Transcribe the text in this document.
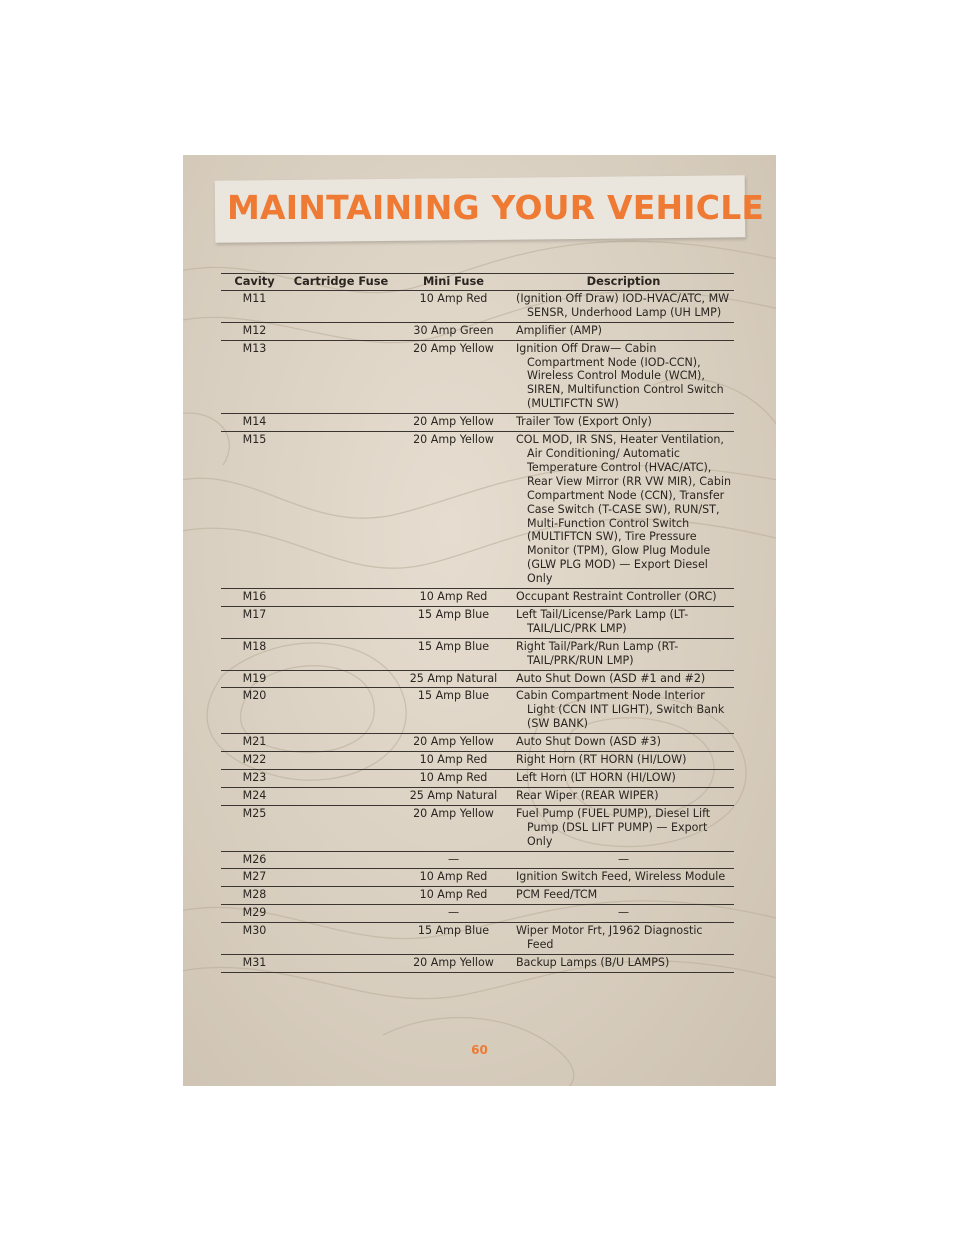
MAINTAINING YOUR VEHICLE
Cavity	Cartridge Fuse	Mini Fuse	Description
M11		10 Amp Red	(Ignition Off Draw) IOD-HVAC/ATC, MW SENSR, Underhood Lamp (UH LMP)

M12		30 Amp Green	Amplifier (AMP)

M13		20 Amp Yellow	Ignition Off Draw— Cabin Compartment Node (IOD-CCN), Wireless Control Module (WCM), SIREN, Multifunction Control Switch (MULTIFCTN SW)

M14		20 Amp Yellow	Trailer Tow (Export Only)

M15		20 Amp Yellow	COL MOD, IR SNS, Heater Ventilation, Air Conditioning/ Automatic Temperature Control (HVAC/ATC), Rear View Mirror (RR VW MIR), Cabin Compartment Node (CCN), Transfer Case Switch (T-CASE SW), RUN/ST, Multi-Function Control Switch (MULTIFTCN SW), Tire Pressure Monitor (TPM), Glow Plug Module (GLW PLG MOD) — Export Diesel Only

M16		10 Amp Red	Occupant Restraint Controller (ORC)

M17		15 Amp Blue	Left Tail/License/Park Lamp (LT-TAIL/LIC/PRK LMP)

M18		15 Amp Blue	Right Tail/Park/Run Lamp (RT-TAIL/PRK/RUN LMP)

M19		25 Amp Natural	Auto Shut Down (ASD #1 and #2)

M20		15 Amp Blue	Cabin Compartment Node Interior Light (CCN INT LIGHT), Switch Bank (SW BANK)

M21		20 Amp Yellow	Auto Shut Down (ASD #3)

M22		10 Amp Red	Right Horn (RT HORN (HI/LOW)

M23		10 Amp Red	Left Horn (LT HORN (HI/LOW)

M24		25 Amp Natural	Rear Wiper (REAR WIPER)

M25		20 Amp Yellow	Fuel Pump (FUEL PUMP), Diesel Lift Pump (DSL LIFT PUMP) — Export Only

M26		—	—

M27		10 Amp Red	Ignition Switch Feed, Wireless Module

M28		10 Amp Red	PCM Feed/TCM

M29		—	—

M30		15 Amp Blue	Wiper Motor Frt, J1962 Diagnostic Feed

M31		20 Amp Yellow	Backup Lamps (B/U LAMPS)
60
